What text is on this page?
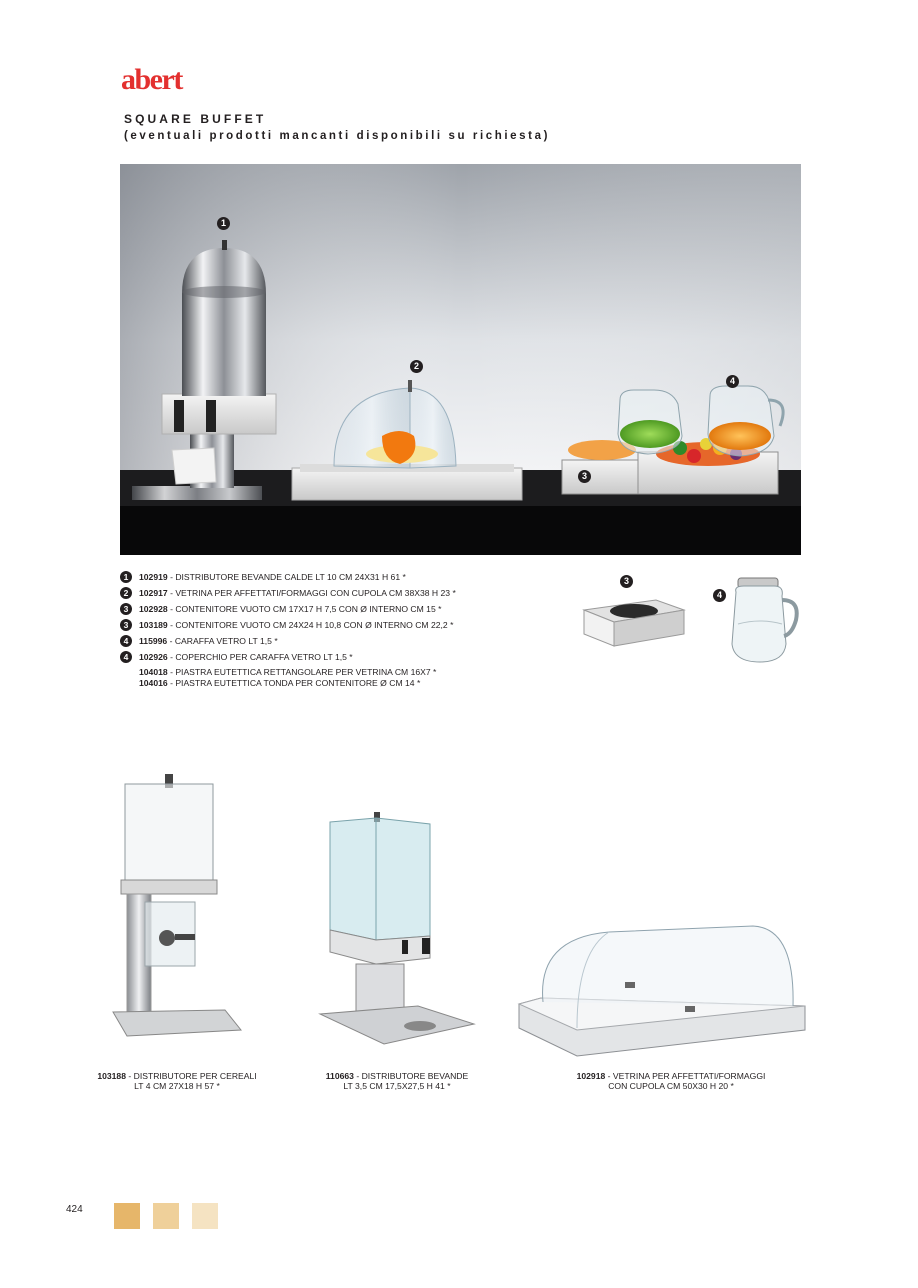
abert
SQUARE BUFFET
(eventuali prodotti mancanti disponibili su richiesta)
1
2
3
4
1	102919 - DISTRIBUTORE BEVANDE CALDE LT 10 CM 24X31 H 61 *
2	102917 - VETRINA PER AFFETTATI/FORMAGGI CON CUPOLA CM 38X38 H 23 *
3	102928 - CONTENITORE VUOTO CM 17X17 H 7,5 CON Ø INTERNO CM 15 *
3	103189 - CONTENITORE VUOTO CM 24X24 H 10,8 CON Ø INTERNO CM 22,2 *
4	115996 - CARAFFA VETRO LT 1,5 *
4	102926 - COPERCHIO PER CARAFFA VETRO LT 1,5 *
104018 - PIASTRA EUTETTICA RETTANGOLARE PER VETRINA CM 16X7 *
104016 - PIASTRA EUTETTICA TONDA PER CONTENITORE Ø CM 14 *
3
4
103188 - DISTRIBUTORE PER CEREALI
LT 4 CM 27X18 H 57 *
110663 - DISTRIBUTORE BEVANDE
LT 3,5 CM 17,5X27,5 H 41 *
102918 - VETRINA PER AFFETTATI/FORMAGGI
CON CUPOLA CM 50X30 H 20 *
424
